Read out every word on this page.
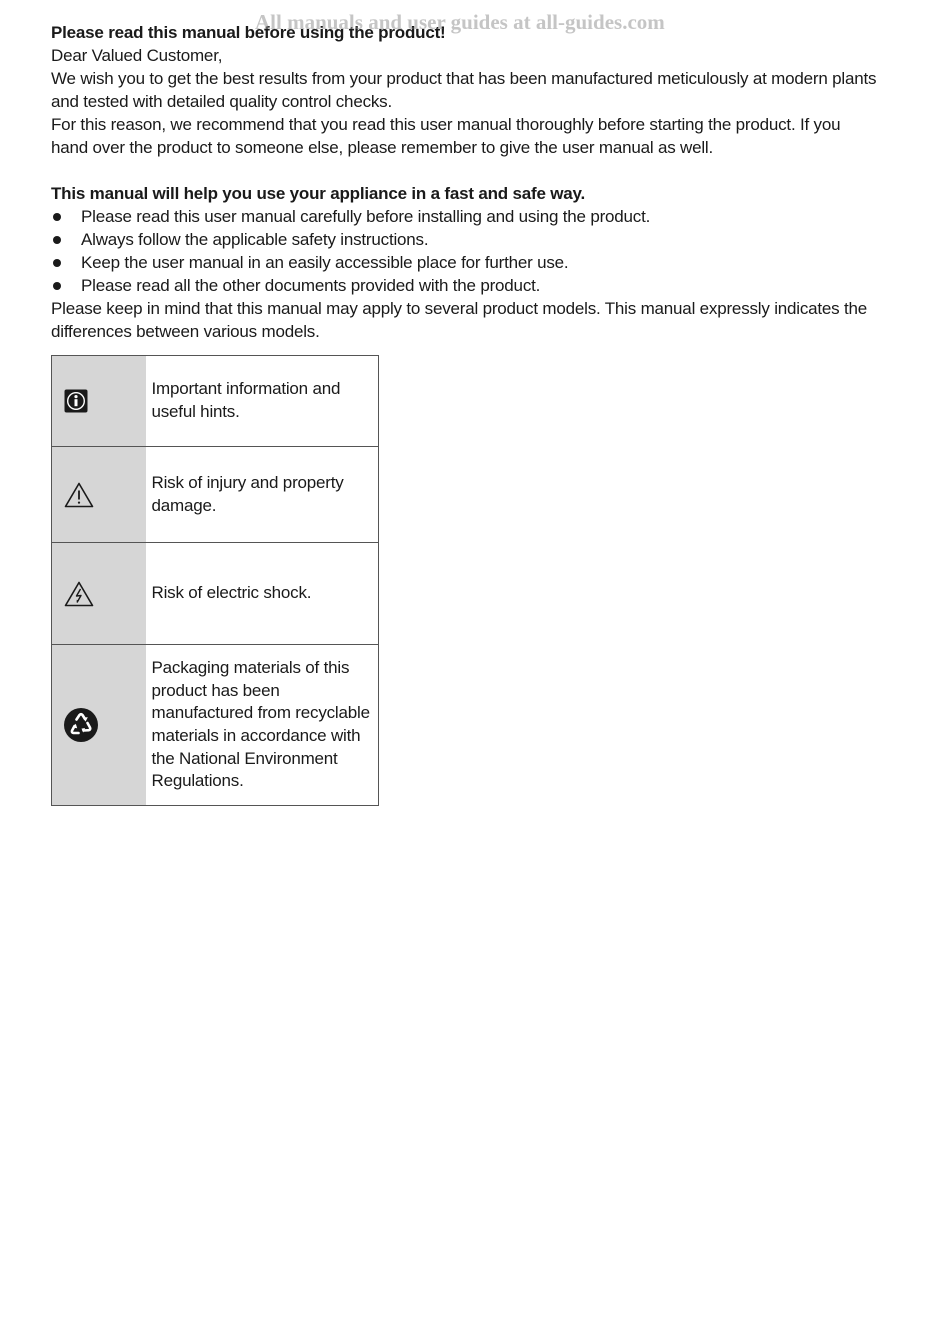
All manuals and user guides at all-guides.com

Please read this manual before using the product!

Dear Valued Customer,

We wish you to get the best results from your product that has been manufactured meticulously at modern plants and tested with detailed quality control checks.

For this reason, we recommend that you read this user manual thoroughly before starting the product. If you hand over the product to someone else, please remember to give the user manual as well.

This manual will help you use your appliance in a fast and safe way.

Please read this user manual carefully before installing and using the product.
Always follow the applicable safety instructions.
Keep the user manual in an easily accessible place for further use.
Please read all the other documents provided with the product.

Please keep in mind that this manual may apply to several product models. This manual expressly indicates the differences between various models.

	Important information and useful hints.

	Risk of injury and property damage.

	Risk of electric shock.

	Packaging materials of this product has been manufactured from recyclable materials in accordance with the National Environment Regulations.
